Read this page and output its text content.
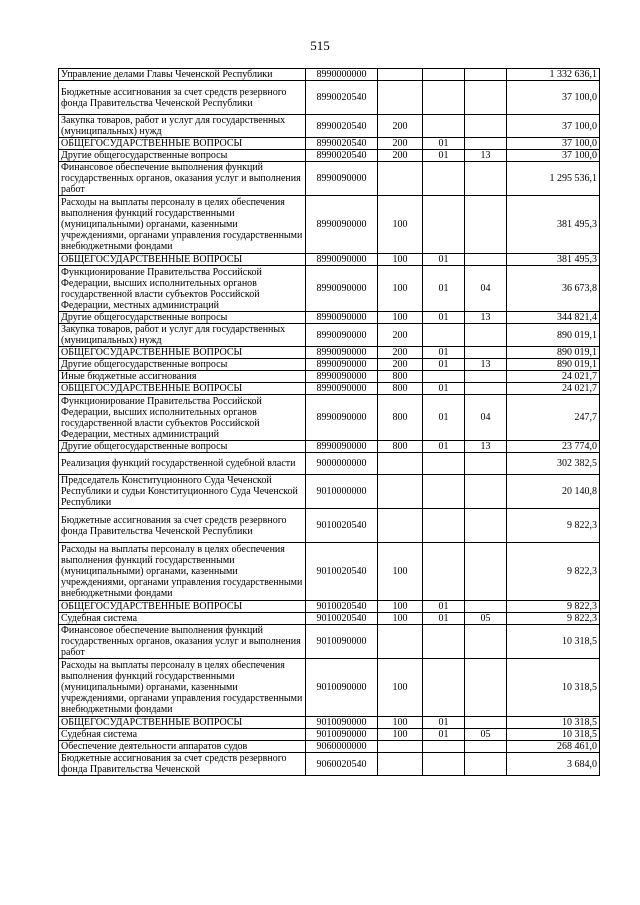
515
Управление делами Главы Чеченской Республики	8990000000				1 332 636,1
Бюджетные ассигнования за счет средств резервного фонда Правительства Чеченской Республики	8990020540				37 100,0
Закупка товаров, работ и услуг для государственных (муниципальных) нужд	8990020540	200			37 100,0
ОБЩЕГОСУДАРСТВЕННЫЕ ВОПРОСЫ	8990020540	200	01		37 100,0
Другие общегосударственные вопросы	8990020540	200	01	13	37 100,0
Финансовое обеспечение выполнения функций государственных органов, оказания услуг и выполнения работ	8990090000				1 295 536,1
Расходы на выплаты персоналу в целях обеспечения выполнения функций государственными (муниципальными) органами, казенными учреждениями, органами управления государственными внебюджетными фондами	8990090000	100			381 495,3
ОБЩЕГОСУДАРСТВЕННЫЕ ВОПРОСЫ	8990090000	100	01		381 495,3
Функционирование Правительства Российской Федерации, высших исполнительных органов государственной власти субъектов Российской Федерации, местных администраций	8990090000	100	01	04	36 673,8
Другие общегосударственные вопросы	8990090000	100	01	13	344 821,4
Закупка товаров, работ и услуг для государственных (муниципальных) нужд	8990090000	200			890 019,1
ОБЩЕГОСУДАРСТВЕННЫЕ ВОПРОСЫ	8990090000	200	01		890 019,1
Другие общегосударственные вопросы	8990090000	200	01	13	890 019,1
Иные бюджетные ассигнования	8990090000	800			24 021,7
ОБЩЕГОСУДАРСТВЕННЫЕ ВОПРОСЫ	8990090000	800	01		24 021,7
Функционирование Правительства Российской Федерации, высших исполнительных органов государственной власти субъектов Российской Федерации, местных администраций	8990090000	800	01	04	247,7
Другие общегосударственные вопросы	8990090000	800	01	13	23 774,0
Реализация функций государственной судебной власти	9000000000				302 382,5
Председатель Конституционного Суда Чеченской Республики и судьи Конституционного Суда Чеченской Республики	9010000000				20 140,8
Бюджетные ассигнования за счет средств резервного фонда Правительства Чеченской Республики	9010020540				9 822,3
Расходы на выплаты персоналу в целях обеспечения выполнения функций государственными (муниципальными) органами, казенными учреждениями, органами управления государственными внебюджетными фондами	9010020540	100			9 822,3
ОБЩЕГОСУДАРСТВЕННЫЕ ВОПРОСЫ	9010020540	100	01		9 822,3
Судебная система	9010020540	100	01	05	9 822,3
Финансовое обеспечение выполнения функций государственных органов, оказания услуг и выполнения работ	9010090000				10 318,5
Расходы на выплаты персоналу в целях обеспечения выполнения функций государственными (муниципальными) органами, казенными учреждениями, органами управления государственными внебюджетными фондами	9010090000	100			10 318,5
ОБЩЕГОСУДАРСТВЕННЫЕ ВОПРОСЫ	9010090000	100	01		10 318,5
Судебная система	9010090000	100	01	05	10 318,5
Обеспечение деятельности аппаратов судов	9060000000				268 461,0
Бюджетные ассигнования за счет средств резервного фонда Правительства Чеченской	9060020540				3 684,0
